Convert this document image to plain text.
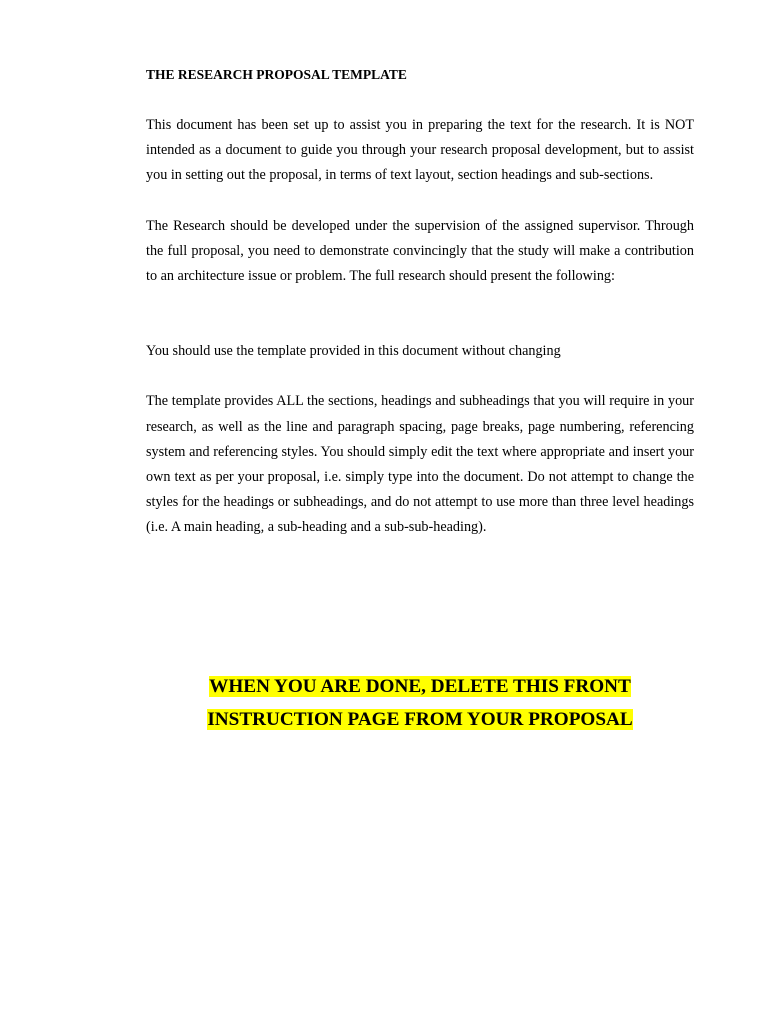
THE RESEARCH PROPOSAL TEMPLATE

This document has been set up to assist you in preparing the text for the research. It is NOT intended as a document to guide you through your research proposal development, but to assist you in setting out the proposal, in terms of text layout, section headings and sub-sections.

The Research should be developed under the supervision of the assigned supervisor. Through the full proposal, you need to demonstrate convincingly that the study will make a contribution to an architecture issue or problem. The full research should present the following:

You should use the template provided in this document without changing

The template provides ALL the sections, headings and subheadings that you will require in your research, as well as the line and paragraph spacing, page breaks, page numbering, referencing system and referencing styles. You should simply edit the text where appropriate and insert your own text as per your proposal, i.e. simply type into the document. Do not attempt to change the styles for the headings or subheadings, and do not attempt to use more than three level headings (i.e. A main heading, a sub-heading and a sub-sub-heading).

WHEN YOU ARE DONE, DELETE THIS FRONT
INSTRUCTION PAGE FROM YOUR PROPOSAL
